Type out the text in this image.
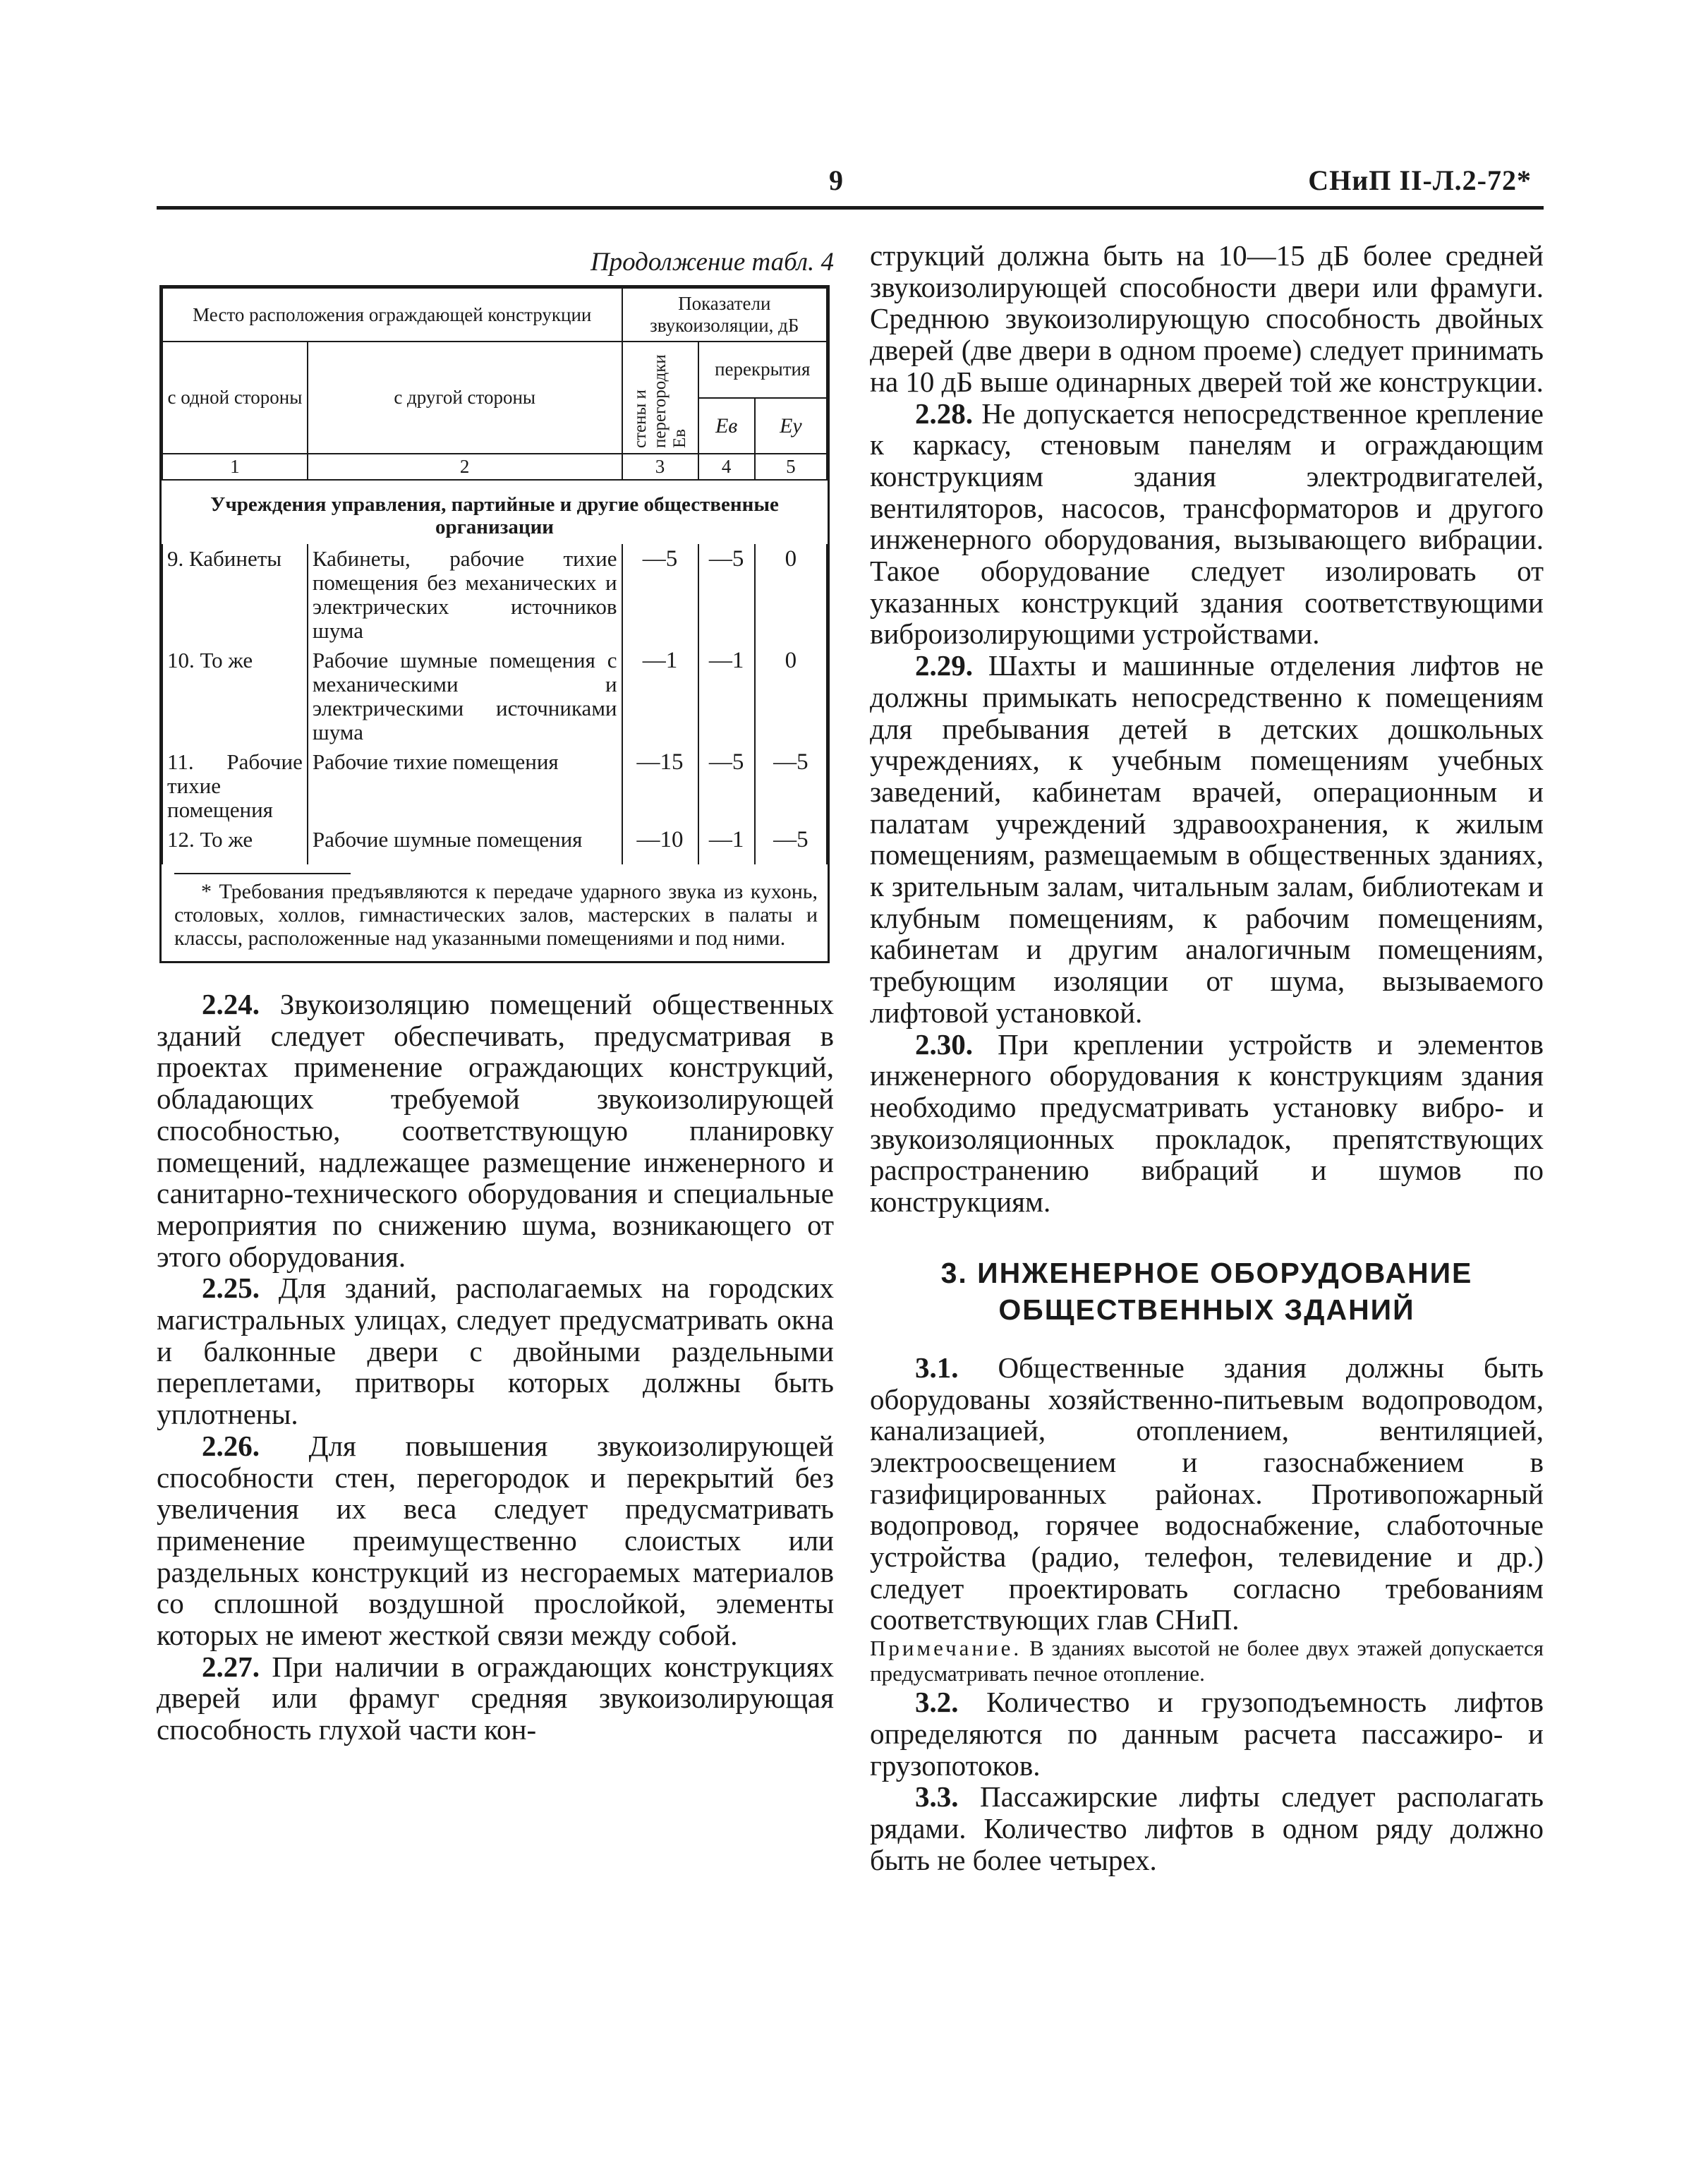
9	СНиП II-Л.2-72*
Продолжение табл. 4
Место расположения ограждающей конструкции		Показатели звукоизоляции, дБ		
с одной стороны	с другой стороны	стены и перегородки Eв	перекрытия	
			Eв	Eу
1	2	3	4	5
Учреждения управления, партийные и другие общественные организации				
9. Кабинеты	Кабинеты, рабочие тихие помещения без механических и электрических источников шума	—5	—5	0
10. То же	Рабочие шумные помещения с механическими и электрическими источниками шума	—1	—1	0
11. Рабочие тихие помещения	Рабочие тихие помещения	—15	—5	—5
12. То же	Рабочие шумные помещения	—10	—1	—5

* Требования предъявляются к передаче ударного звука из кухонь, столовых, холлов, гимнастических залов, мастерских в палаты и классы, расположенные над указанными помещениями и под ними.

2.24. Звукоизоляцию помещений общественных зданий следует обеспечивать, предусматривая в проектах применение ограждающих конструкций, обладающих требуемой звукоизолирующей способностью, соответствующую планировку помещений, надлежащее размещение инженерного и санитарно-технического оборудования и специальные мероприятия по снижению шума, возникающего от этого оборудования.

2.25. Для зданий, располагаемых на городских магистральных улицах, следует предусматривать окна и балконные двери с двойными раздельными переплетами, притворы которых должны быть уплотнены.

2.26. Для повышения звукоизолирующей способности стен, перегородок и перекрытий без увеличения их веса следует предусматривать применение преимущественно слоистых или раздельных конструкций из несгораемых материалов со сплошной воздушной прослойкой, элементы которых не имеют жесткой связи между собой.

2.27. При наличии в ограждающих конструкциях дверей или фрамуг средняя звукоизолирующая способность глухой части кон-

струкций должна быть на 10—15 дБ более средней звукоизолирующей способности двери или фрамуги. Среднюю звукоизолирующую способность двойных дверей (две двери в одном проеме) следует принимать на 10 дБ выше одинарных дверей той же конструкции.

2.28. Не допускается непосредственное крепление к каркасу, стеновым панелям и ограждающим конструкциям здания электродвигателей, вентиляторов, насосов, трансформаторов и другого инженерного оборудования, вызывающего вибрации. Такое оборудование следует изолировать от указанных конструкций здания соответствующими виброизолирующими устройствами.

2.29. Шахты и машинные отделения лифтов не должны примыкать непосредственно к помещениям для пребывания детей в детских дошкольных учреждениях, к учебным помещениям учебных заведений, кабинетам врачей, операционным и палатам учреждений здравоохранения, к жилым помещениям, размещаемым в общественных зданиях, к зрительным залам, читальным залам, библиотекам и клубным помещениям, к рабочим помещениям, кабинетам и другим аналогичным помещениям, требующим изоляции от шума, вызываемого лифтовой установкой.

2.30. При креплении устройств и элементов инженерного оборудования к конструкциям здания необходимо предусматривать установку вибро- и звукоизоляционных прокладок, препятствующих распространению вибраций и шумов по конструкциям.

3. ИНЖЕНЕРНОЕ ОБОРУДОВАНИЕ
ОБЩЕСТВЕННЫХ ЗДАНИЙ

3.1. Общественные здания должны быть оборудованы хозяйственно-питьевым водопроводом, канализацией, отоплением, вентиляцией, электроосвещением и газоснабжением в газифицированных районах. Противопожарный водопровод, горячее водоснабжение, слаботочные устройства (радио, телефон, телевидение и др.) следует проектировать согласно требованиям соответствующих глав СНиП.

Примечание. В зданиях высотой не более двух этажей допускается предусматривать печное отопление.

3.2. Количество и грузоподъемность лифтов определяются по данным расчета пассажиро- и грузопотоков.

3.3. Пассажирские лифты следует располагать рядами. Количество лифтов в одном ряду должно быть не более четырех.
